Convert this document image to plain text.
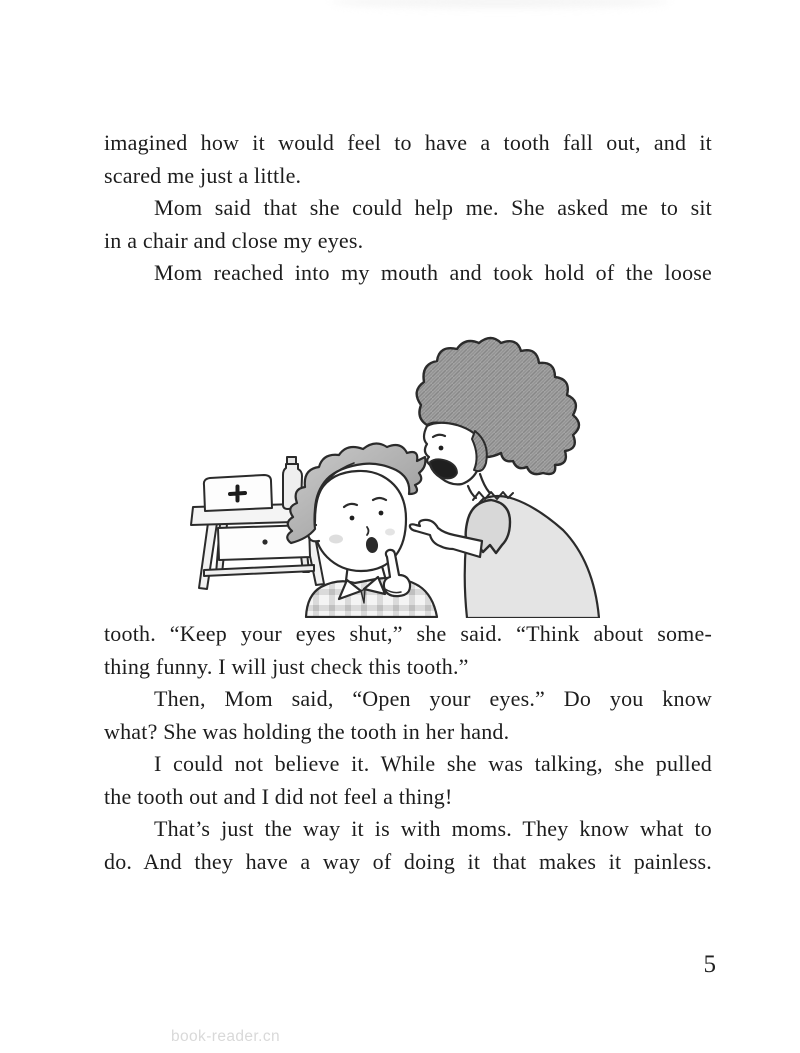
imagined how it would feel to have a tooth fall out, and it
scared me just a little.
Mom said that she could help me. She asked me to sit
in a chair and close my eyes.
Mom reached into my mouth and took hold of the loose
tooth. “Keep your eyes shut,” she said. “Think about some-
thing funny. I will just check this tooth.”
Then, Mom said, “Open your eyes.” Do you know
what? She was holding the tooth in her hand.
I could not believe it. While she was talking, she pulled
the tooth out and I did not feel a thing!
That’s just the way it is with moms. They know what to
do. And they have a way of doing it that makes it painless.
5
book-reader.cn
